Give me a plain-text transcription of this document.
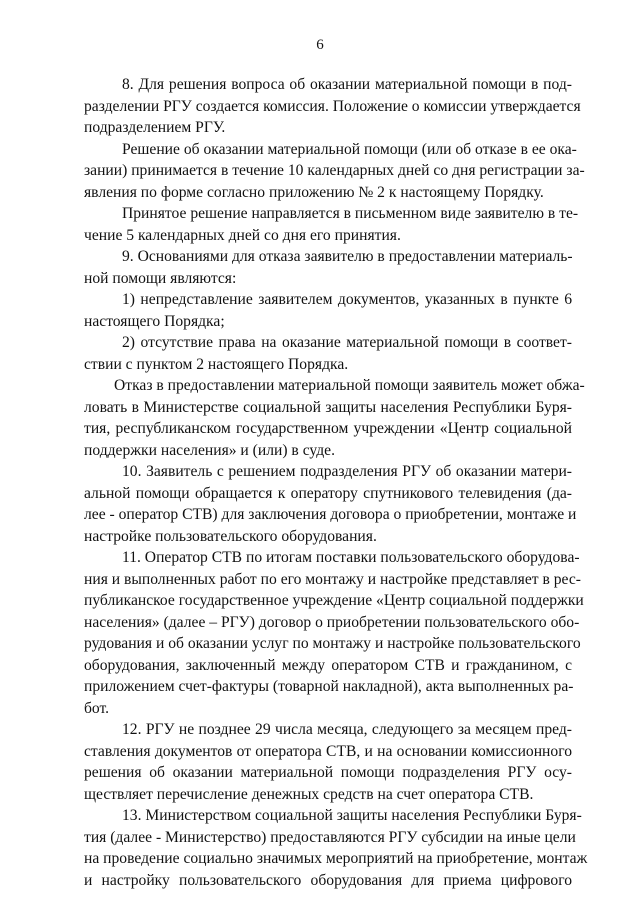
6
8. Для решения вопроса об оказании материальной помощи в под-
разделении РГУ создается комиссия. Положение о комиссии утверждается
подразделением РГУ.
Решение об оказании материальной помощи (или об отказе в ее ока-
зании) принимается в течение 10 календарных дней со дня регистрации за-
явления по форме согласно приложению № 2 к настоящему Порядку.
Принятое решение направляется в письменном виде заявителю в те-
чение 5 календарных дней со дня его принятия.
9. Основаниями для отказа заявителю в предоставлении материаль-
ной помощи являются:
1) непредставление заявителем документов, указанных в пункте 6
настоящего Порядка;
2) отсутствие права на оказание материальной помощи в соответ-
ствии с пунктом 2 настоящего Порядка.
Отказ в предоставлении материальной помощи заявитель может обжа-
ловать в Министерстве социальной защиты населения Республики Буря-
тия, республиканском государственном учреждении «Центр социальной
поддержки населения» и (или) в суде.
10. Заявитель с решением подразделения РГУ об оказании матери-
альной помощи обращается к оператору спутникового телевидения (да-
лее - оператор СТВ) для заключения договора о приобретении, монтаже и
настройке пользовательского оборудования.
11. Оператор СТВ по итогам поставки пользовательского оборудова-
ния и выполненных работ по его монтажу и настройке представляет в рес-
публиканское государственное учреждение «Центр социальной поддержки
населения» (далее – РГУ) договор о приобретении пользовательского обо-
рудования и об оказании услуг по монтажу и настройке пользовательского
оборудования, заключенный между оператором СТВ и гражданином, с
приложением счет-фактуры (товарной накладной), акта выполненных ра-
бот.
12. РГУ не позднее 29 числа месяца, следующего за месяцем пред-
ставления документов от оператора СТВ, и на основании комиссионного
решения об оказании материальной помощи подразделения РГУ осу-
ществляет перечисление денежных средств на счет оператора СТВ.
13. Министерством социальной защиты населения Республики Буря-
тия (далее - Министерство) предоставляются РГУ субсидии на иные цели
на проведение социально значимых мероприятий на приобретение, монтаж
и настройку пользовательского оборудования для приема цифрового
